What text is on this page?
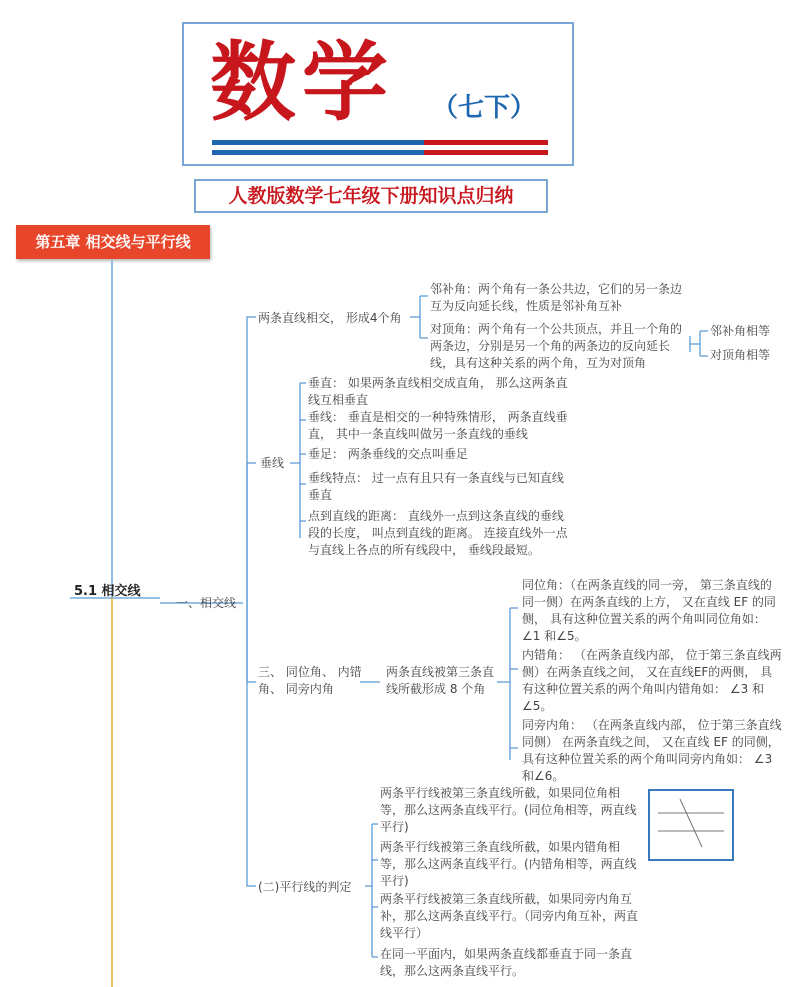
数学 （七下）
人教版数学七年级下册知识点归纳
第五章 相交线与平行线
5.1 相交线
一、相交线
两条直线相交， 形成4个角
邻补角：两个角有一条公共边，它们的另一条边互为反向延长线，性质是邻补角互补
对顶角：两个角有一个公共顶点，并且一个角的两条边，分别是另一个角的两条边的反向延长线，具有这种关系的两个角，互为对顶角
邻补角相等
对顶角相等
垂线
垂直： 如果两条直线相交成直角， 那么这两条直线互相垂直
垂线： 垂直是相交的一种特殊情形， 两条直线垂直， 其中一条直线叫做另一条直线的垂线
垂足： 两条垂线的交点叫垂足
垂线特点： 过一点有且只有一条直线与已知直线垂直
点到直线的距离： 直线外一点到这条直线的垂线段的长度， 叫点到直线的距离。 连接直线外一点与直线上各点的所有线段中， 垂线段最短。
三、 同位角、 内错角、 同旁内角
两条直线被第三条直线所截形成 8 个角
同位角：（在两条直线的同一旁， 第三条直线的同一侧）在两条直线的上方， 又在直线 EF 的同侧， 具有这种位置关系的两个角叫同位角如： ∠1 和∠5。
内错角： （在两条直线内部， 位于第三条直线两侧）在两条直线之间， 又在直线EF的两侧， 具有这种位置关系的两个角叫内错角如： ∠3 和∠5。
同旁内角： （在两条直线内部， 位于第三条直线同侧） 在两条直线之间， 又在直线 EF 的同侧， 具有这种位置关系的两个角叫同旁内角如： ∠3 和∠6。
(二)平行线的判定
两条平行线被第三条直线所截，如果同位角相等，那么这两条直线平行。(同位角相等，两直线平行)
两条平行线被第三条直线所截，如果内错角相等，那么这两条直线平行。(内错角相等，两直线平行)
两条平行线被第三条直线所截，如果同旁内角互补，那么这两条直线平行。（同旁内角互补，两直线平行）
在同一平面内，如果两条直线都垂直于同一条直线，那么这两条直线平行。
